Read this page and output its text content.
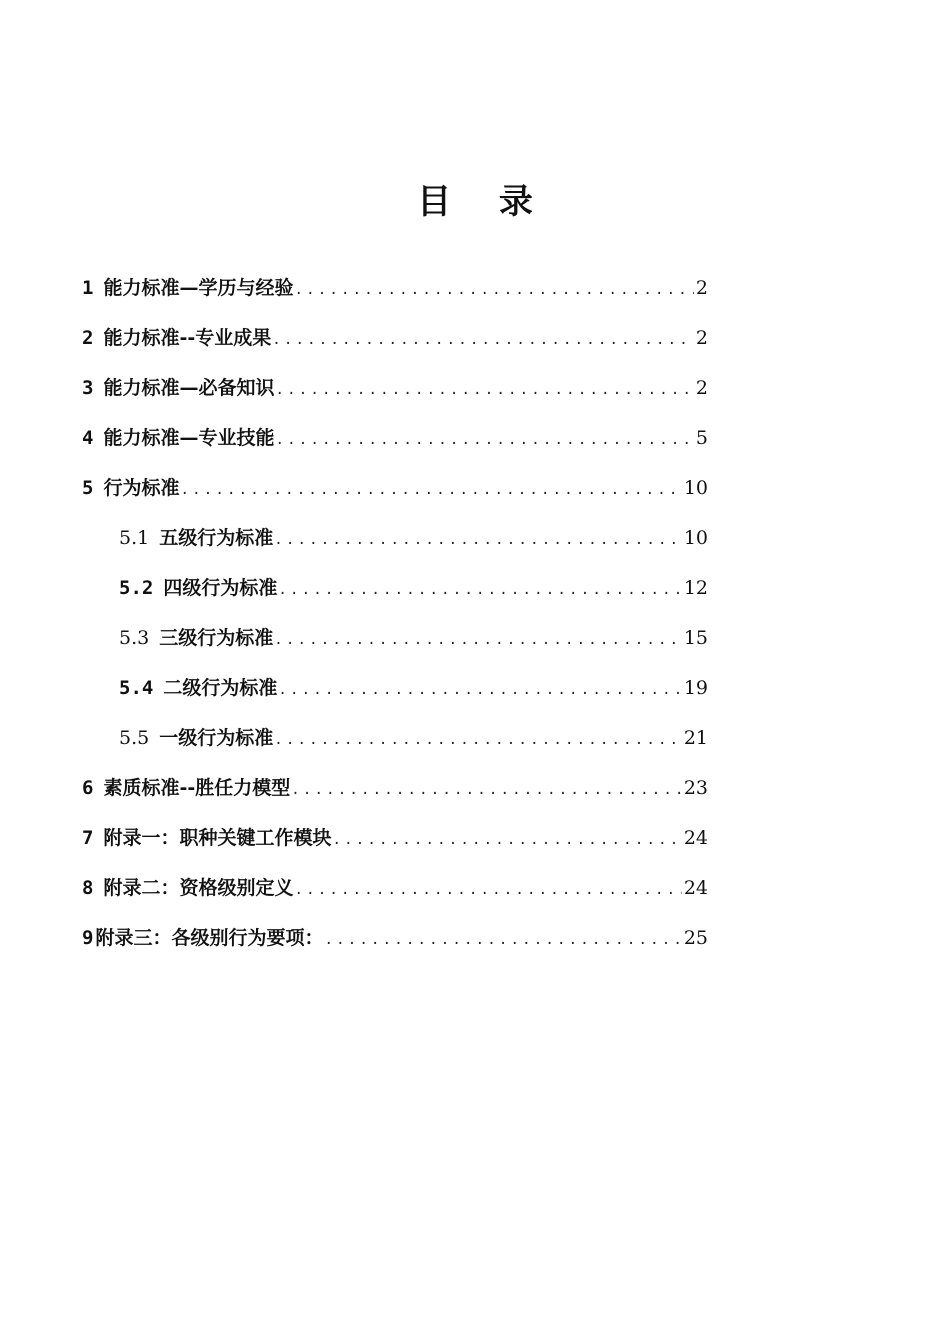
目 录
1 能力标准—学历与经验 .....	2
2 能力标准--专业成果 .....	2
3 能力标准—必备知识 .....	2
4 能力标准—专业技能 .....	5
5 行为标准 .....	10
5.1 五级行为标准 .....	10
5.2 四级行为标准 .....	12
5.3 三级行为标准 .....	15
5.4 二级行为标准 .....	19
5.5 一级行为标准 .....	21
6 素质标准--胜任力模型 .....	23
7 附录一：职种关键工作模块 .....	24
8 附录二：资格级别定义 .....	24
9 附录三：各级别行为要项： .....	25
